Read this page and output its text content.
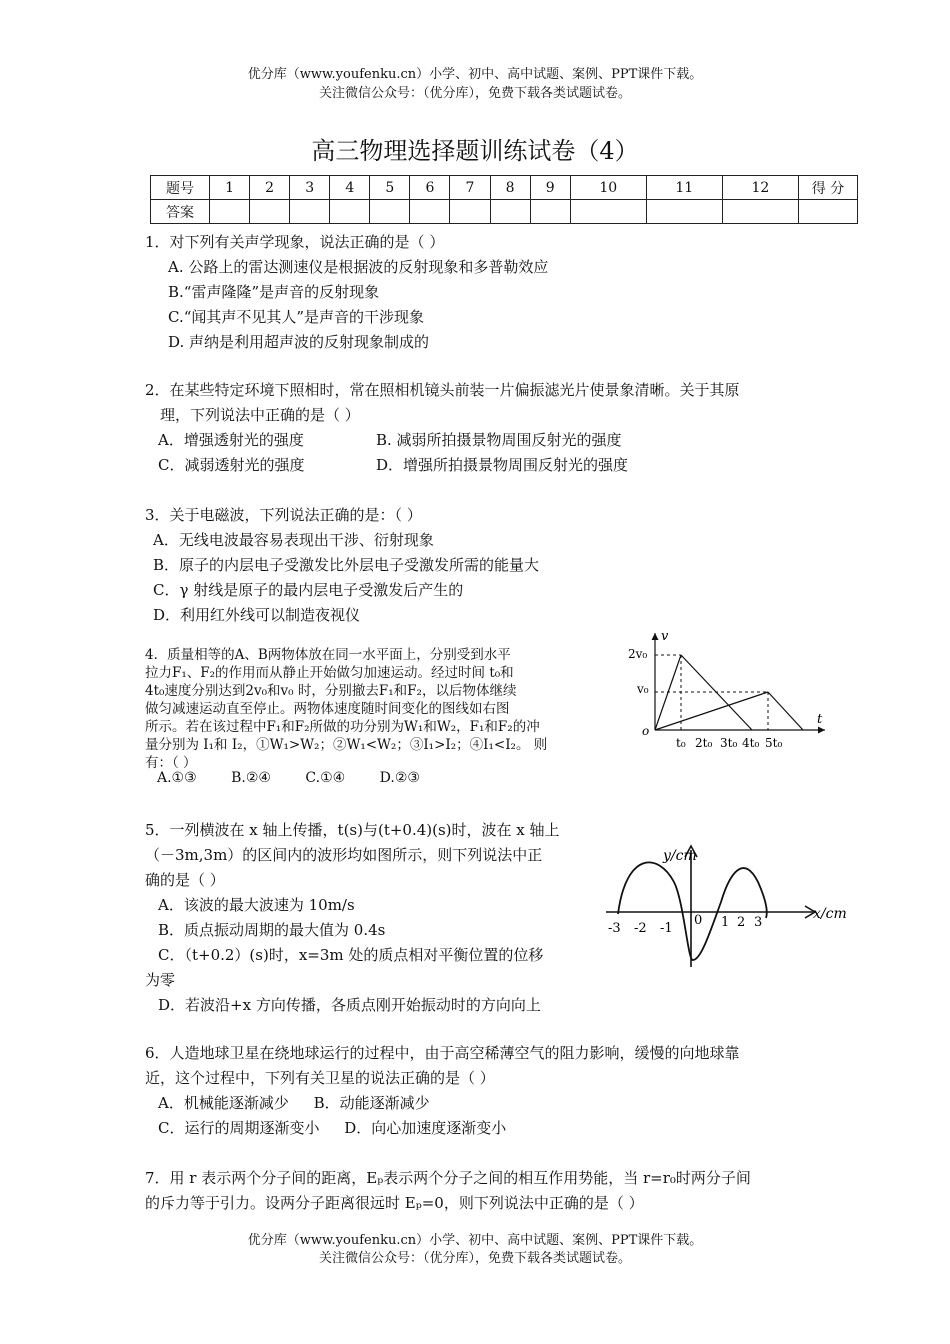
优分库（www.youfenku.cn）小学、初中、高中试题、案例、PPT课件下载。
关注微信公众号：（优分库），免费下载各类试题试卷。
高三物理选择题训练试卷（4）
题号	1	2	3	4	5	6	7	8	9	10	11	12	得 分
答案													

1．对下列有关声学现象，说法正确的是（ ）

A. 公路上的雷达测速仪是根据波的反射现象和多普勒效应

B.“雷声隆隆”是声音的反射现象

C.“闻其声不见其人”是声音的干涉现象

D. 声纳是利用超声波的反射现象制成的

2．在某些特定环境下照相时，常在照相机镜头前装一片偏振滤光片使景象清晰。关于其原

理，下列说法中正确的是（ ）

A．增强透射光的强度	B. 减弱所拍摄景物周围反射光的强度

C．减弱透射光的强度	D．增强所拍摄景物周围反射光的强度

3．关于电磁波，下列说法正确的是：（ ）

A．无线电波最容易表现出干涉、衍射现象

B．原子的内层电子受激发比外层电子受激发所需的能量大

C．γ 射线是原子的最内层电子受激发后产生的

D．利用红外线可以制造夜视仪

4．质量相等的A、B两物体放在同一水平面上，分别受到水平

拉力F₁、F₂的作用而从静止开始做匀加速运动。经过时间 t₀和

4t₀速度分别达到2v₀和v₀ 时，分别撤去F₁和F₂，以后物体继续

做匀减速运动直至停止。两物体速度随时间变化的图线如右图

所示。若在该过程中F₁和F₂所做的功分别为W₁和W₂，F₁和F₂的冲

量分别为 I₁和 I₂，①W₁>W₂；②W₁<W₂；③I₁>I₂；④I₁<I₂。 则

有：（ ）

A.①③ B.②④ C.①④ D.②③
v
t
o
2v₀
v₀
t₀ 2t₀ 3t₀ 4t₀ 5t₀

5．一列横波在 x 轴上传播，t(s)与(t+0.4)(s)时，波在 x 轴上

（－3m,3m）的区间内的波形均如图所示，则下列说法中正

确的是（ ）

A．该波的最大波速为 10m/s

B．质点振动周期的最大值为 0.4s

C．（t+0.2）(s)时，x=3m 处的质点相对平衡位置的位移

为零

D．若波沿+x 方向传播，各质点刚开始振动时的方向向上

y/cm
x/cm
-3 -2 -1
0 1 2 3

6．人造地球卫星在绕地球运行的过程中，由于高空稀薄空气的阻力影响，缓慢的向地球靠

近，这个过程中，下列有关卫星的说法正确的是（ ）

A．机械能逐渐减少 B．动能逐渐减少

C．运行的周期逐渐变小 D．向心加速度逐渐变小

7．用 r 表示两个分子间的距离，Eₚ表示两个分子之间的相互作用势能，当 r=r₀时两分子间

的斥力等于引力。设两分子距离很远时 Eₚ=0，则下列说法中正确的是（ ）

优分库（www.youfenku.cn）小学、初中、高中试题、案例、PPT课件下载。
关注微信公众号：（优分库），免费下载各类试题试卷。
